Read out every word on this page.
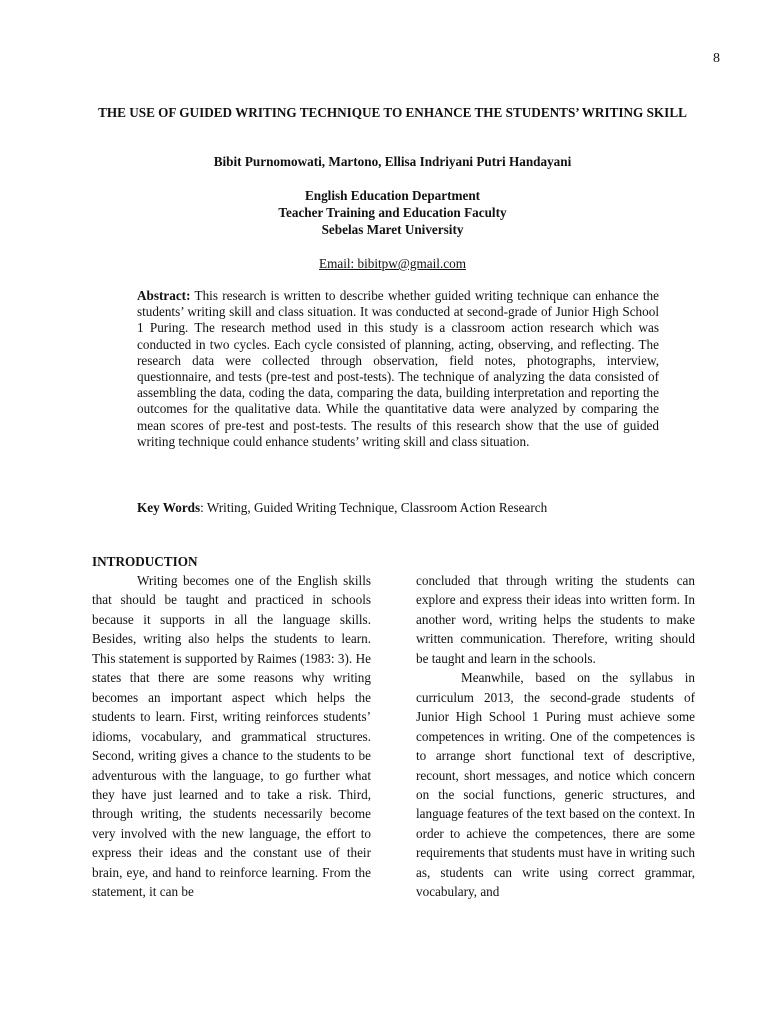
8
THE USE OF GUIDED WRITING TECHNIQUE TO ENHANCE THE STUDENTS’ WRITING SKILL
Bibit Purnomowati, Martono, Ellisa Indriyani Putri Handayani
English Education Department
Teacher Training and Education Faculty
Sebelas Maret University
Email: bibitpw@gmail.com

Abstract: This research is written to describe whether guided writing technique can enhance the students’ writing skill and class situation. It was conducted at second-grade of Junior High School 1 Puring. The research method used in this study is a classroom action research which was conducted in two cycles. Each cycle consisted of planning, acting, observing, and reflecting. The research data were collected through observation, field notes, photographs, interview, questionnaire, and tests (pre-test and post-tests). The technique of analyzing the data consisted of assembling the data, coding the data, comparing the data, building interpretation and reporting the outcomes for the qualitative data. While the quantitative data were analyzed by comparing the mean scores of pre-test and post-tests. The results of this research show that the use of guided writing technique could enhance students’ writing skill and class situation.

Key Words: Writing, Guided Writing Technique, Classroom Action Research

INTRODUCTION

Writing becomes one of the English skills that should be taught and practiced in schools because it supports in all the language skills. Besides, writing also helps the students to learn. This statement is supported by Raimes (1983: 3). He states that there are some reasons why writing becomes an important aspect which helps the students to learn. First, writing reinforces students’ idioms, vocabulary, and grammatical structures. Second, writing gives a chance to the students to be adventurous with the language, to go further what they have just learned and to take a risk. Third, through writing, the students necessarily become very involved with the new language, the effort to express their ideas and the constant use of their brain, eye, and hand to reinforce learning. From the statement, it can be

concluded that through writing the students can explore and express their ideas into written form. In another word, writing helps the students to make written communication. Therefore, writing should be taught and learn in the schools.

Meanwhile, based on the syllabus in curriculum 2013, the second-grade students of Junior High School 1 Puring must achieve some competences in writing. One of the competences is to arrange short functional text of descriptive, recount, short messages, and notice which concern on the social functions, generic structures, and language features of the text based on the context. In order to achieve the competences, there are some requirements that students must have in writing such as, students can write using correct grammar, vocabulary, and
